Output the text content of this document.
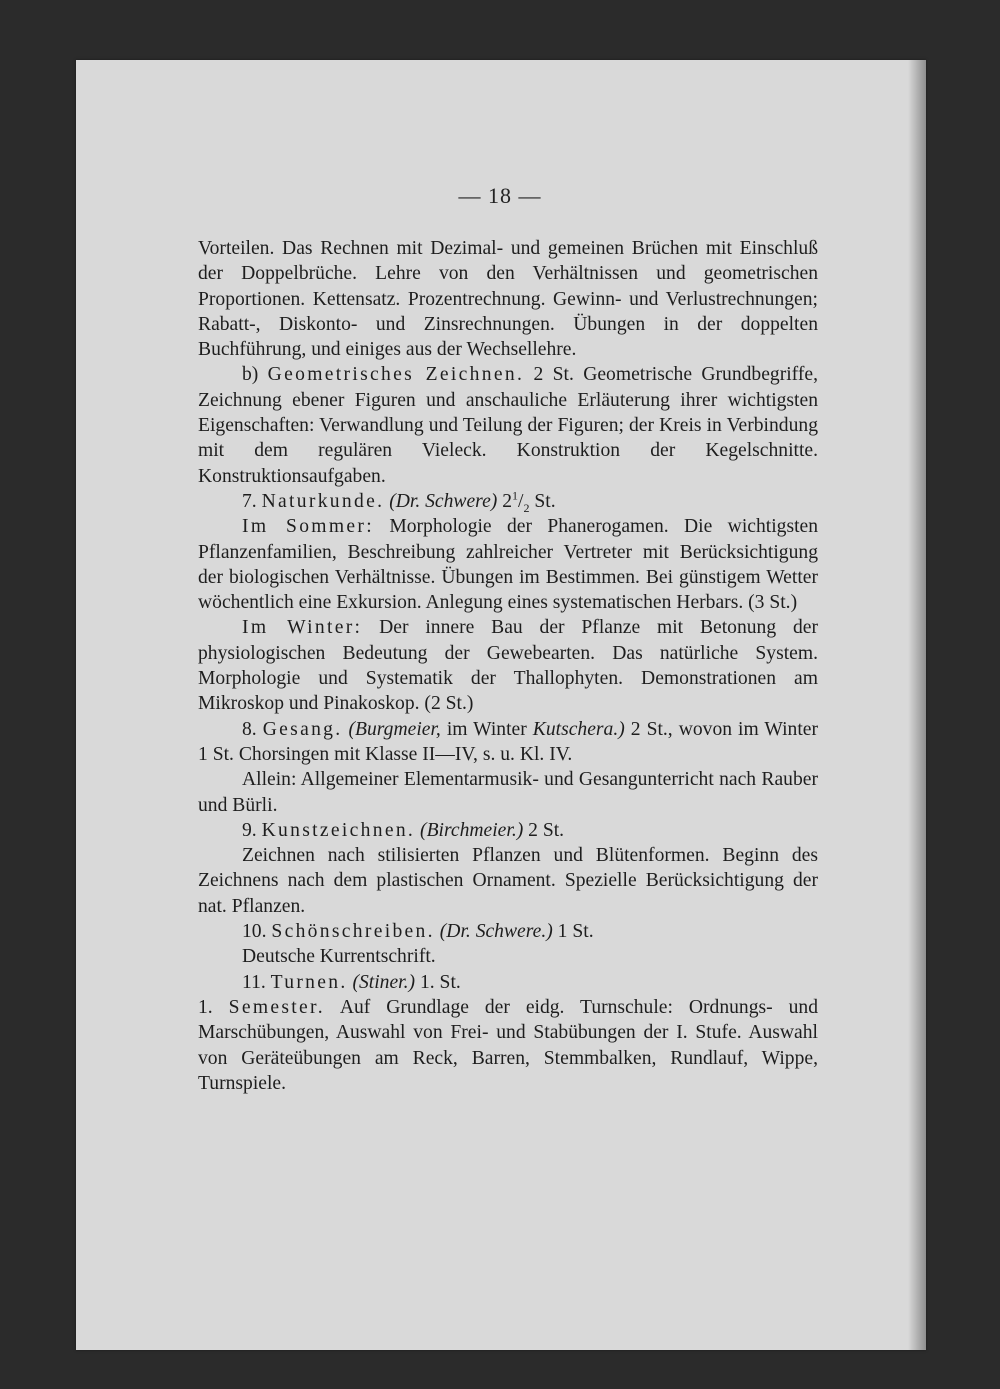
— 18 —

Vorteilen. Das Rechnen mit Dezimal- und gemeinen Brüchen mit Einschluß der Doppelbrüche. Lehre von den Verhältnissen und geometrischen Proportionen. Kettensatz. Prozentrechnung. Gewinn- und Verlustrechnungen; Rabatt-, Diskonto- und Zinsrechnungen. Übungen in der doppelten Buchführung, und einiges aus der Wechsellehre.

b) Geometrisches Zeichnen. 2 St. Geometrische Grundbegriffe, Zeichnung ebener Figuren und anschauliche Erläuterung ihrer wichtigsten Eigenschaften: Verwandlung und Teilung der Figuren; der Kreis in Verbindung mit dem regulären Vieleck. Konstruktion der Kegelschnitte. Konstruktionsaufgaben.

7. Naturkunde. (Dr. Schwere) $2^1/_2$ St.

Im Sommer: Morphologie der Phanerogamen. Die wichtigsten Pflanzenfamilien, Beschreibung zahlreicher Vertreter mit Berücksichtigung der biologischen Verhältnisse. Übungen im Bestimmen. Bei günstigem Wetter wöchentlich eine Exkursion. Anlegung eines systematischen Herbars. (3 St.)

Im Winter: Der innere Bau der Pflanze mit Betonung der physiologischen Bedeutung der Gewebearten. Das natürliche System. Morphologie und Systematik der Thallophyten. Demonstrationen am Mikroskop und Pinakoskop. (2 St.)

8. Gesang. (Burgmeier, im Winter Kutschera.) 2 St., wovon im Winter 1 St. Chorsingen mit Klasse II—IV, s. u. Kl. IV.

Allein: Allgemeiner Elementarmusik- und Gesangunterricht nach Rauber und Bürli.

9. Kunstzeichnen. (Birchmeier.) 2 St.

Zeichnen nach stilisierten Pflanzen und Blütenformen. Beginn des Zeichnens nach dem plastischen Ornament. Spezielle Berücksichtigung der nat. Pflanzen.

10. Schönschreiben. (Dr. Schwere.) 1 St.

Deutsche Kurrentschrift.

11. Turnen. (Stiner.) 1. St.

1. Semester. Auf Grundlage der eidg. Turnschule: Ordnungs- und Marschübungen, Auswahl von Frei- und Stabübungen der I. Stufe. Auswahl von Geräteübungen am Reck, Barren, Stemmbalken, Rundlauf, Wippe, Turnspiele.
